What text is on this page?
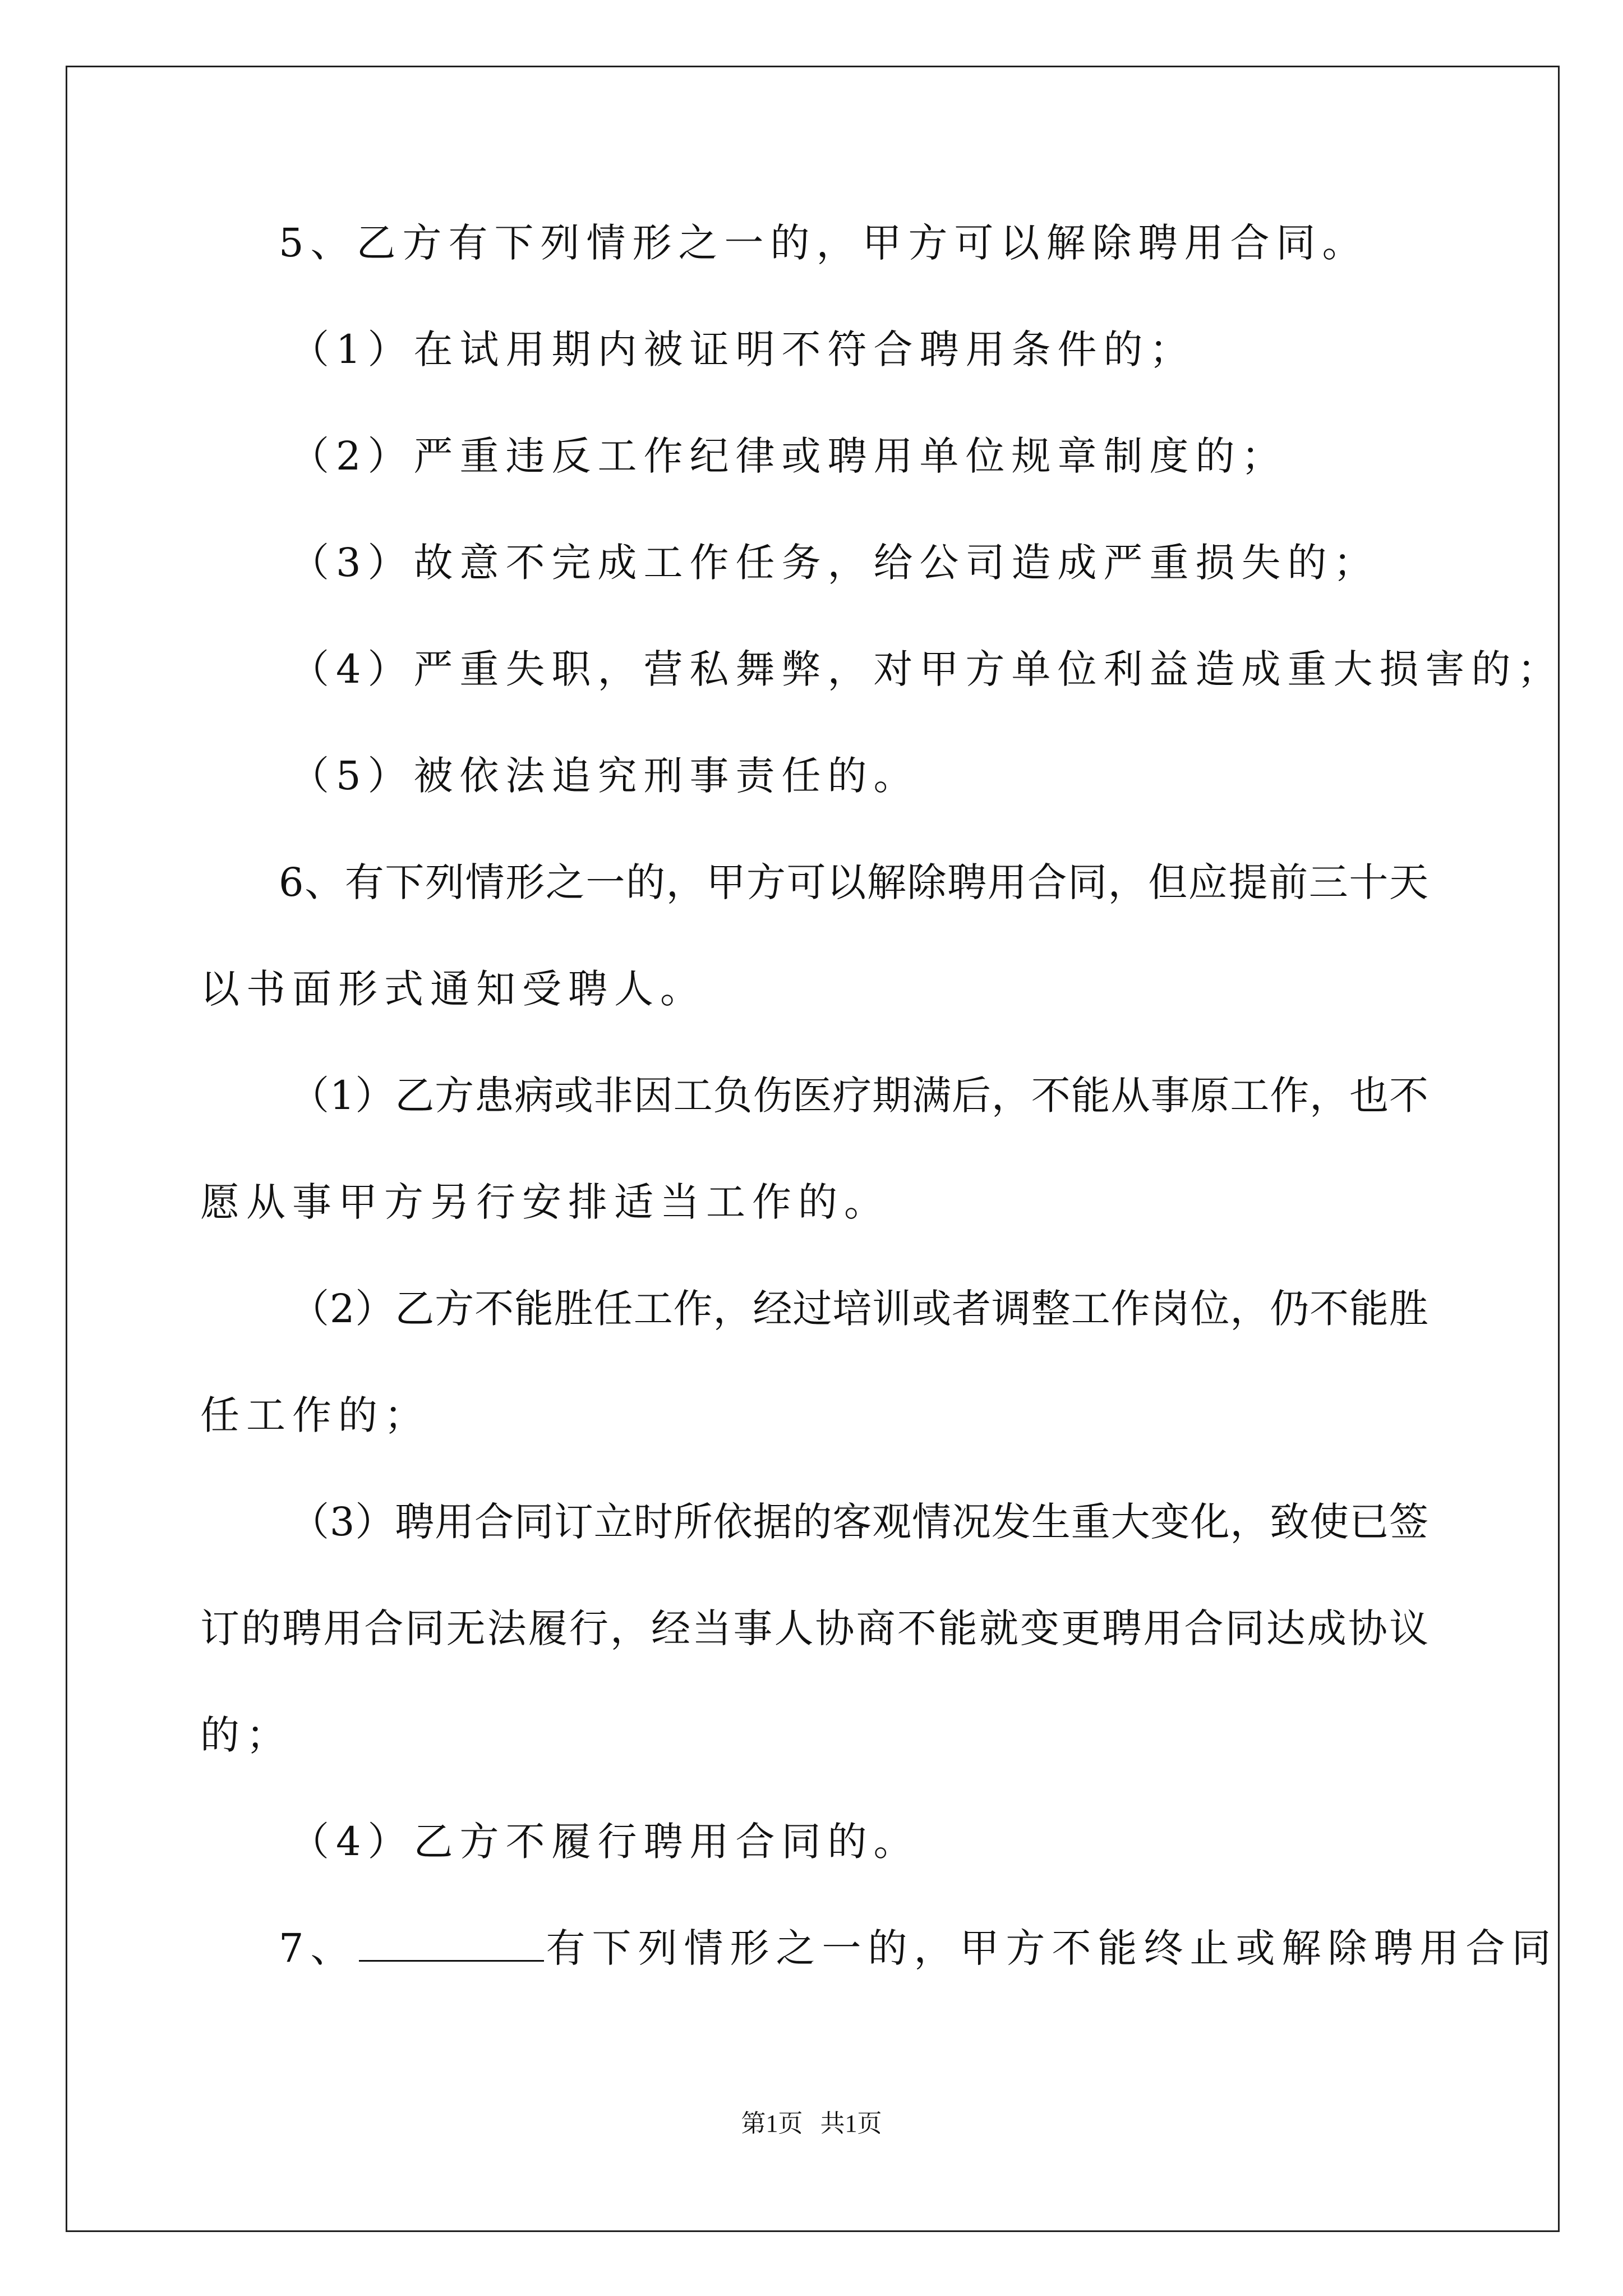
5、乙方有下列情形之一的，甲方可以解除聘用合同。
（1）在试用期内被证明不符合聘用条件的；
（2）严重违反工作纪律或聘用单位规章制度的；
（3）故意不完成工作任务，给公司造成严重损失的；
（4）严重失职，营私舞弊，对甲方单位利益造成重大损害的；
（5）被依法追究刑事责任的。
6、有下列情形之一的，甲方可以解除聘用合同，但应提前三十天
以书面形式通知受聘人。
（1）乙方患病或非因工负伤医疗期满后，不能从事原工作，也不
愿从事甲方另行安排适当工作的。
（2）乙方不能胜任工作，经过培训或者调整工作岗位，仍不能胜
任工作的；
（3）聘用合同订立时所依据的客观情况发生重大变化，致使已签
订的聘用合同无法履行，经当事人协商不能就变更聘用合同达成协议
的；
（4）乙方不履行聘用合同的。
7、	有下列情形之一的，甲方不能终止或解除聘用合同
第1页 共1页
